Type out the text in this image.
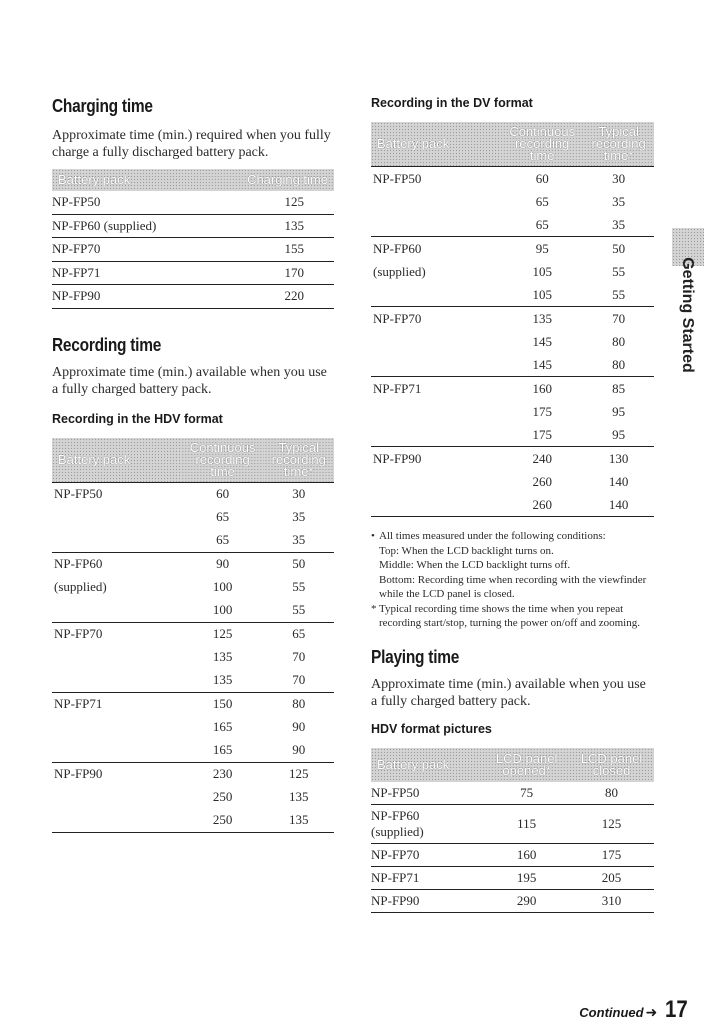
Charging time

Approximate time (min.) required when you fully charge a fully discharged battery pack.

Battery pack	Charging time
NP-FP50	125
NP-FP60 (supplied)	135
NP-FP70	155
NP-FP71	170
NP-FP90	220
Recording time

Approximate time (min.) available when you use a fully charged battery pack.

Recording in the HDV format
Battery pack	Continuous recording time	Typical recording time*
NP-FP50	60	30
	65	35
	65	35
NP-FP60	90	50
(supplied)	100	55
	100	55
NP-FP70	125	65
	135	70
	135	70
NP-FP71	150	80
	165	90
	165	90
NP-FP90	230	125
	250	135
	250	135
Recording in the DV format
Battery pack	Continuous recording time	Typical recording time*
NP-FP50	60	30
	65	35
	65	35
NP-FP60	95	50
(supplied)	105	55
	105	55
NP-FP70	135	70
	145	80
	145	80
NP-FP71	160	85
	175	95
	175	95
NP-FP90	240	130
	260	140
	260	140
• All times measured under the following conditions:
Top: When the LCD backlight turns on.
Middle: When the LCD backlight turns off.
Bottom: Recording time when recording with the viewfinder while the LCD panel is closed.
* Typical recording time shows the time when you repeat recording start/stop, turning the power on/off and zooming.
Playing time

Approximate time (min.) available when you use a fully charged battery pack.

HDV format pictures
Battery pack	LCD panel opened*	LCD panel closed

NP-FP50	75	80

NP-FP60
(supplied)	115	125

NP-FP70	160	175

NP-FP71	195	205

NP-FP90	290	310
Getting Started
Continued ➜ 17
